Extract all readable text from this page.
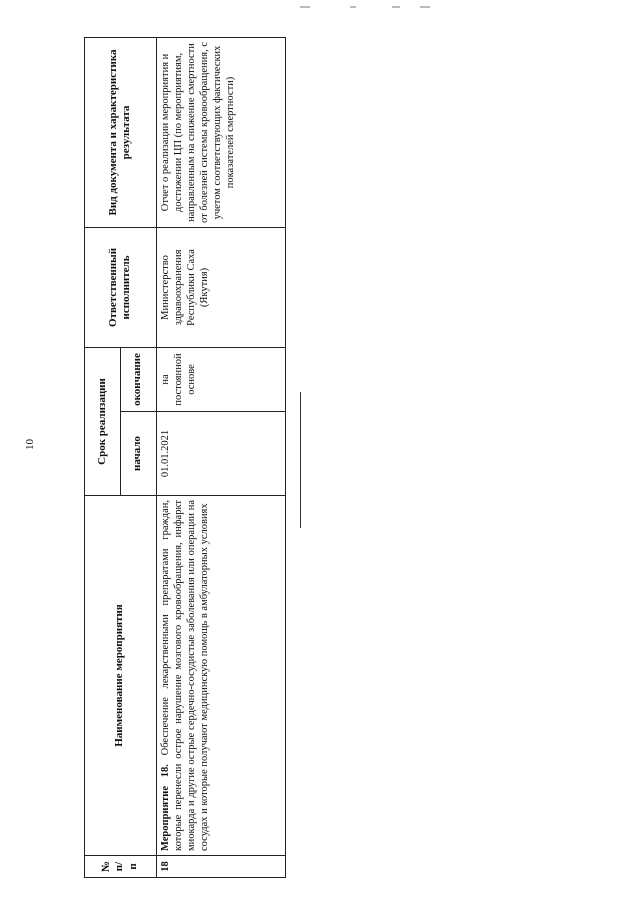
10
№ п/п	Наименование мероприятия	Срок реализации		Ответственный исполнитель	Вид документа и характеристика результата
		начало	окончание		
18	Мероприятие 18. Обеспечение лекарственными препаратами граждан, которые перенесли острое нарушение мозгового кровообращения, инфаркт миокарда и другие острые сердечно-сосудистые заболевания или операции на сосудах и которые получают медицинскую помощь в амбулаторных условиях	01.01.2021	на постоянной основе	Министерство здравоохранения Республики Саха (Якутия)	Отчет о реализации мероприятия и достижении ЦП (по мероприятиям, направленным на снижение смертности от болезней системы кровообращения, с учетом соответствующих фактических показателей смертности)
